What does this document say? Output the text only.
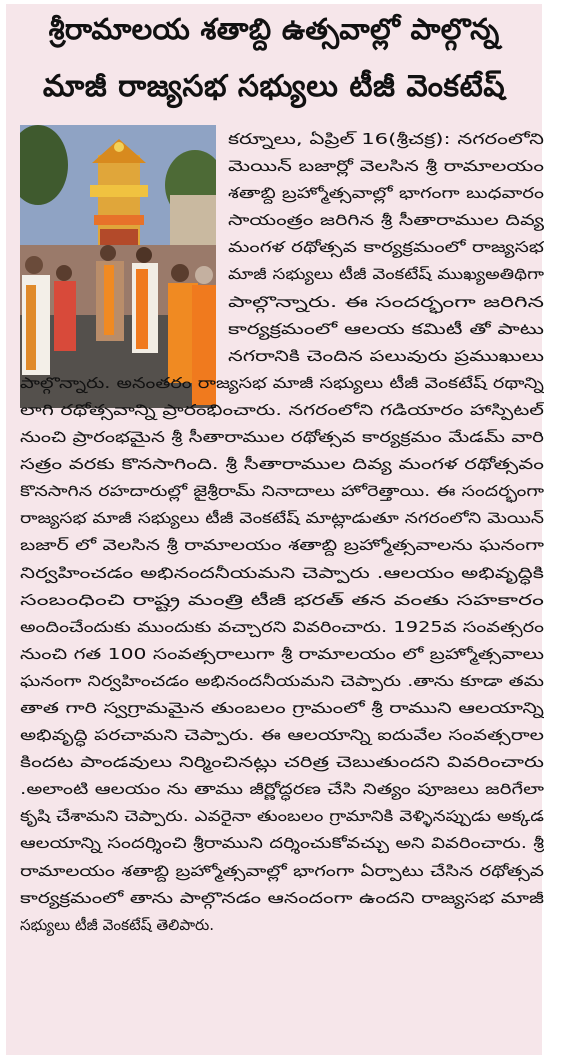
శ్రీరామాలయ శతాబ్ది ఉత్సవాల్లో పాల్గొన్న
మాజీ రాజ్యసభ సభ్యులు టీజీ వెంకటేష్
కర్నూలు, ఏప్రిల్ 16(శ్రీచక్ర): నగరంలోని
మెయిన్ బజార్లో వెలసిన శ్రీ రామాలయం
శతాబ్ది బ్రహ్మోత్సవాల్లో భాగంగా బుధవారం
సాయంత్రం జరిగిన శ్రీ సీతారాముల దివ్య
మంగళ రథోత్సవ కార్యక్రమంలో రాజ్యసభ
మాజీ సభ్యులు టీజీ వెంకటేష్ ముఖ్యఅతిథిగా
పాల్గొన్నారు. ఈ సందర్భంగా జరిగిన
కార్యక్రమంలో ఆలయ కమిటీ తో పాటు
నగరానికి చెందిన పలువురు ప్రముఖులు
పాల్గొన్నారు. అనంతరం రాజ్యసభ మాజీ సభ్యులు టీజీ వెంకటేష్ రథాన్ని
లాగి రథోత్సవాన్ని ప్రారంభించారు. నగరంలోని గడియారం హాస్పిటల్
నుంచి ప్రారంభమైన శ్రీ సీతారాముల రథోత్సవ కార్యక్రమం మేడమ్ వారి
సత్రం వరకు కొనసాగింది. శ్రీ సీతారాముల దివ్య మంగళ రథోత్సవం
కొనసాగిన రహదారుల్లో జైశ్రీరామ్ నినాదాలు హోరెత్తాయి. ఈ సందర్భంగా
రాజ్యసభ మాజీ సభ్యులు టీజీ వెంకటేష్ మాట్లాడుతూ నగరంలోని మెయిన్
బజార్ లో వెలసిన శ్రీ రామాలయం శతాబ్ది బ్రహ్మోత్సవాలను ఘనంగా
నిర్వహించడం అభినందనీయమని చెప్పారు .ఆలయం అభివృద్ధికి
సంబంధించి రాష్ట్ర మంత్రి టీజీ భరత్ తన వంతు సహకారం
అందించేందుకు ముందుకు వచ్చారని వివరించారు. 1925వ సంవత్సరం
నుంచి గత 100 సంవత్సరాలుగా శ్రీ రామాలయం లో బ్రహ్మోత్సవాలు
ఘనంగా నిర్వహించడం అభినందనీయమని చెప్పారు .తాను కూడా తమ
తాత గారి స్వగ్రామమైన తుంబలం గ్రామంలో శ్రీ రాముని ఆలయాన్ని
అభివృద్ధి పరచామని చెప్పారు. ఈ ఆలయాన్ని ఐదువేల సంవత్సరాల
కిందట పాండవులు నిర్మించినట్లు చరిత్ర చెబుతుందని వివరించారు
.అలాంటి ఆలయం ను తాము జీర్ణోద్ధరణ చేసి నిత్యం పూజలు జరిగేలా
కృషి చేశామని చెప్పారు. ఎవరైనా తుంబలం గ్రామానికి వెళ్ళినప్పుడు అక్కడ
ఆలయాన్ని సందర్శించి శ్రీరాముని దర్శించుకోవచ్చు అని వివరించారు. శ్రీ
రామాలయం శతాబ్ది బ్రహ్మోత్సవాల్లో భాగంగా ఏర్పాటు చేసిన రథోత్సవ
కార్యక్రమంలో తాను పాల్గొనడం ఆనందంగా ఉందని రాజ్యసభ మాజీ
సభ్యులు టీజీ వెంకటేష్ తెలిపారు.
